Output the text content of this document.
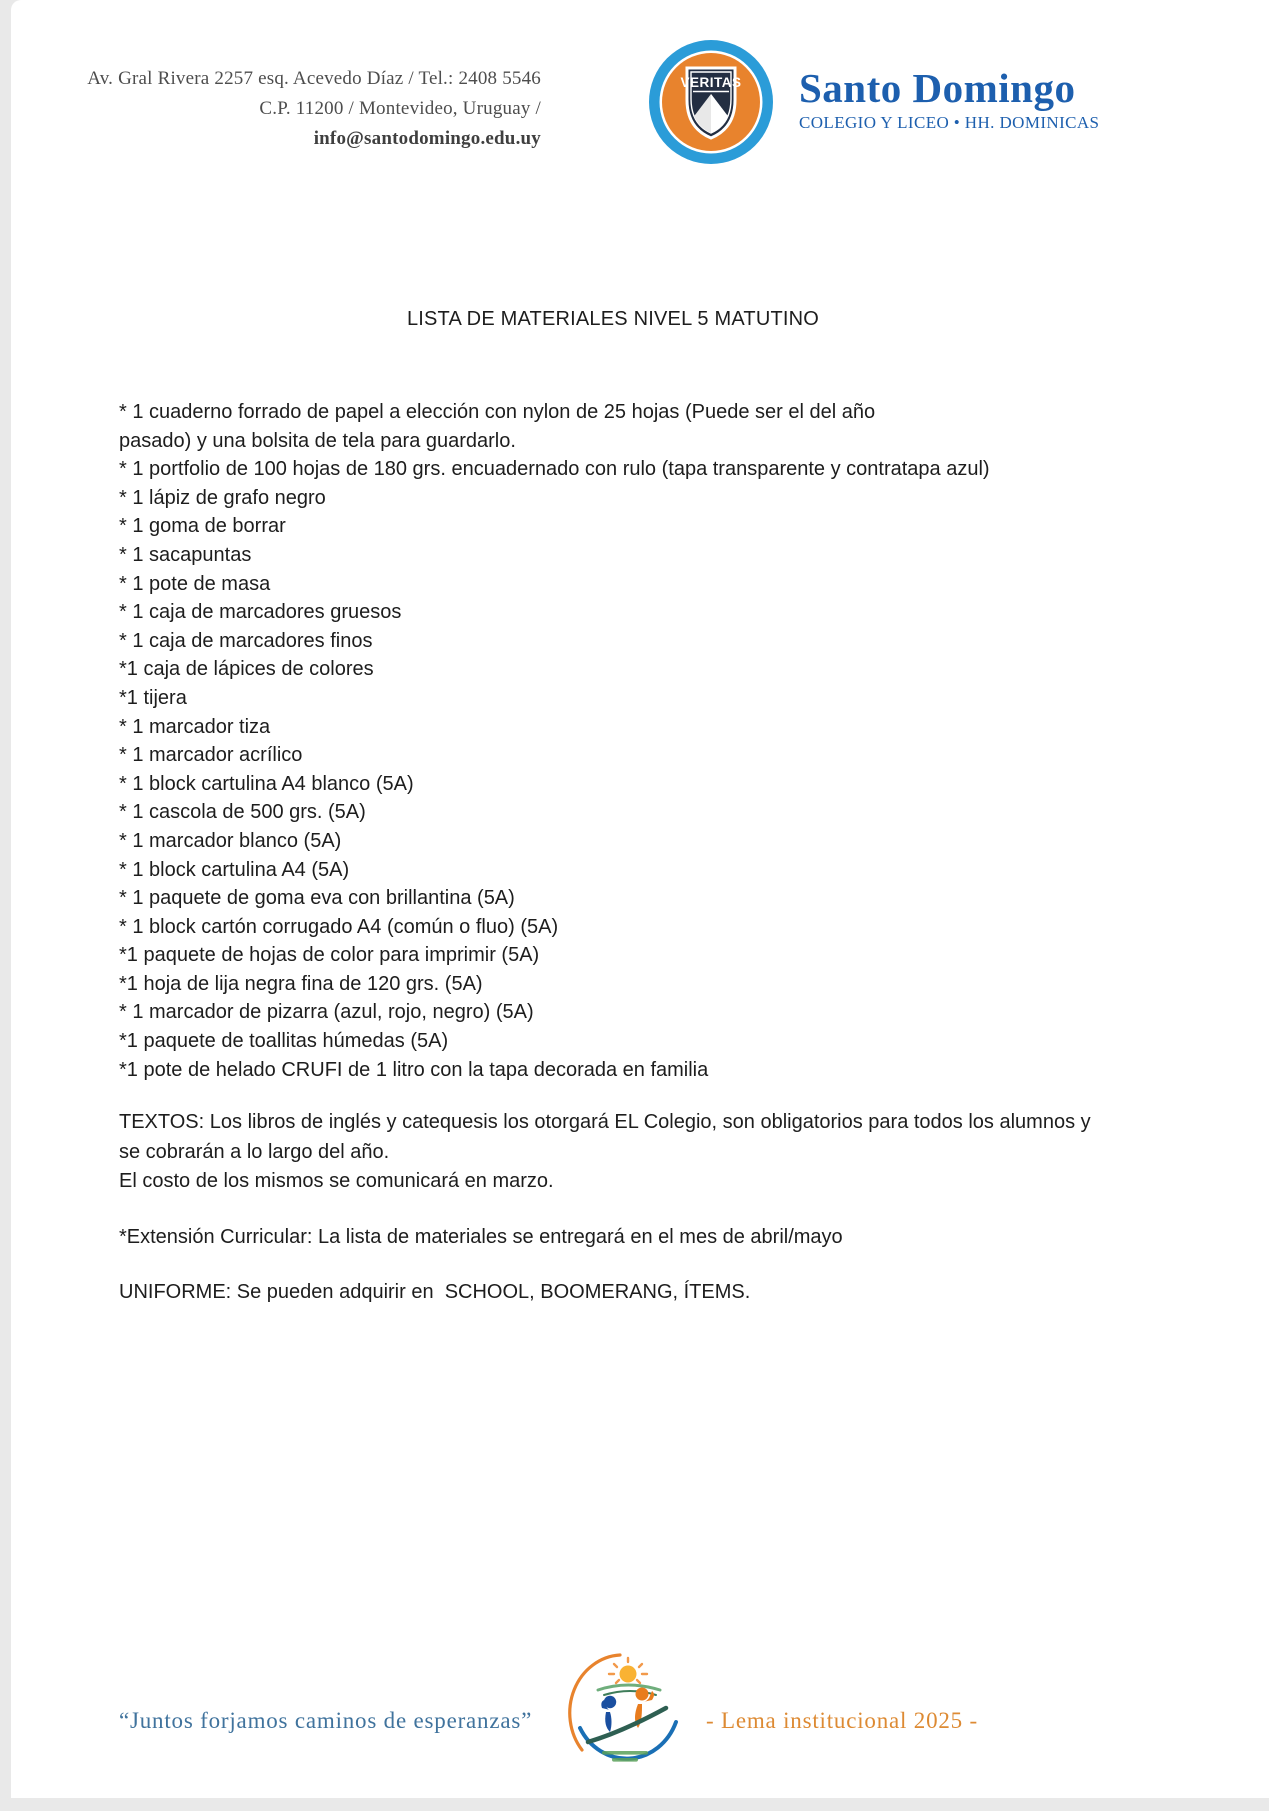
Av. Gral Rivera 2257 esq. Acevedo Díaz / Tel.: 2408 5546
C.P. 11200 / Montevideo, Uruguay / info@santodomingo.edu.uy
VERITAS Santo Domingo
COLEGIO Y LICEO • HH. DOMINICAS
LISTA DE MATERIALES NIVEL 5 MATUTINO
* 1 cuaderno forrado de papel a elección con nylon de 25 hojas (Puede ser el del año
pasado) y una bolsita de tela para guardarlo.
* 1 portfolio de 100 hojas de 180 grs. encuadernado con rulo (tapa transparente y contratapa azul)
* 1 lápiz de grafo negro
* 1 goma de borrar
* 1 sacapuntas
* 1 pote de masa
* 1 caja de marcadores gruesos
* 1 caja de marcadores finos
*1 caja de lápices de colores
*1 tijera
* 1 marcador tiza
* 1 marcador acrílico
* 1 block cartulina A4 blanco (5A)
* 1 cascola de 500 grs. (5A)
* 1 marcador blanco (5A)
* 1 block cartulina A4 (5A)
* 1 paquete de goma eva con brillantina (5A)
* 1 block cartón corrugado A4 (común o fluo) (5A)
*1 paquete de hojas de color para imprimir (5A)
*1 hoja de lija negra fina de 120 grs. (5A)
* 1 marcador de pizarra (azul, rojo, negro) (5A)
*1 paquete de toallitas húmedas (5A)
*1 pote de helado CRUFI de 1 litro con la tapa decorada en familia
TEXTOS: Los libros de inglés y catequesis los otorgará EL Colegio, son obligatorios para todos los alumnos y
se cobrarán a lo largo del año.
El costo de los mismos se comunicará en marzo.
*Extensión Curricular: La lista de materiales se entregará en el mes de abril/mayo
UNIFORME: Se pueden adquirir en  SCHOOL, BOOMERANG, ÍTEMS.
“Juntos forjamos caminos de esperanzas”	- Lema institucional 2025 -
